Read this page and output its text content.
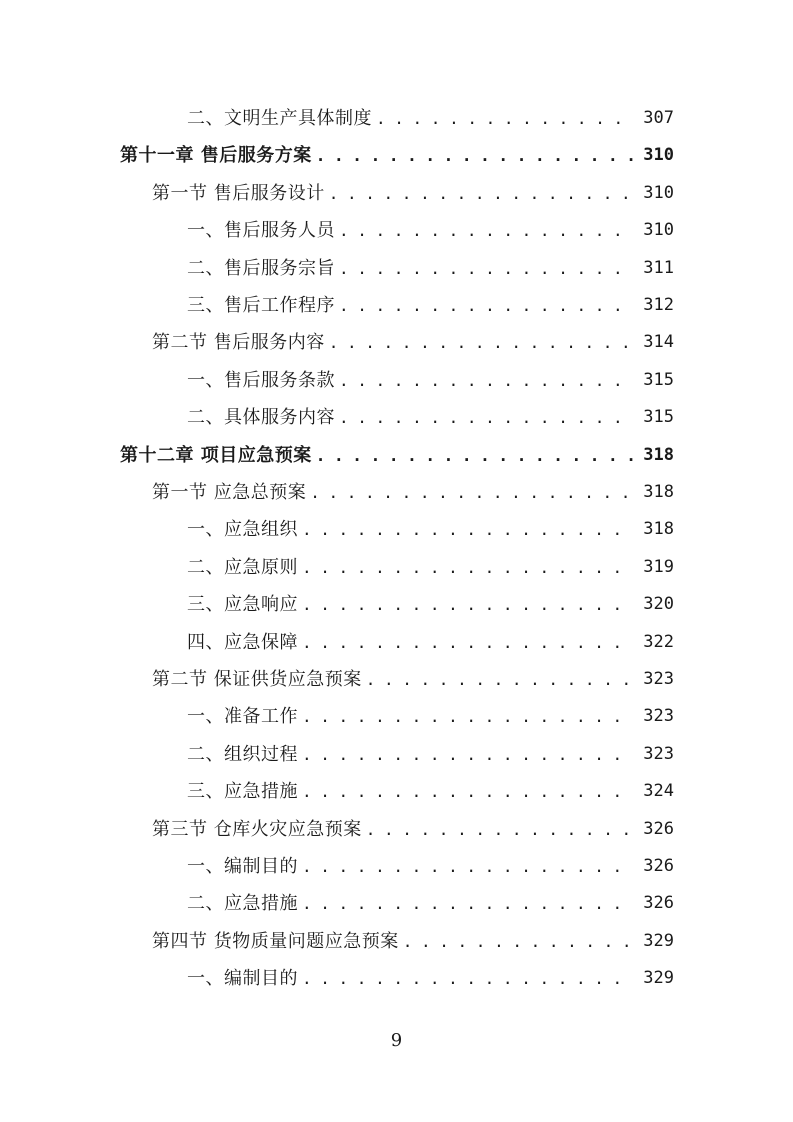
二、文明生产具体制度 . . .	307
第十一章 售后服务方案 . . .	310
第一节 售后服务设计 . . .	310
一、售后服务人员 . . .	310
二、售后服务宗旨 . . .	311
三、售后工作程序 . . .	312
第二节 售后服务内容 . . .	314
一、售后服务条款 . . .	315
二、具体服务内容 . . .	315
第十二章 项目应急预案 . . .	318
第一节 应急总预案 . . .	318
一、应急组织 . . .	318
二、应急原则 . . .	319
三、应急响应 . . .	320
四、应急保障 . . .	322
第二节 保证供货应急预案 . . .	323
一、准备工作 . . .	323
二、组织过程 . . .	323
三、应急措施 . . .	324
第三节 仓库火灾应急预案 . . .	326
一、编制目的 . . .	326
二、应急措施 . . .	326
第四节 货物质量问题应急预案 . . .	329
一、编制目的 . . .	329
9
